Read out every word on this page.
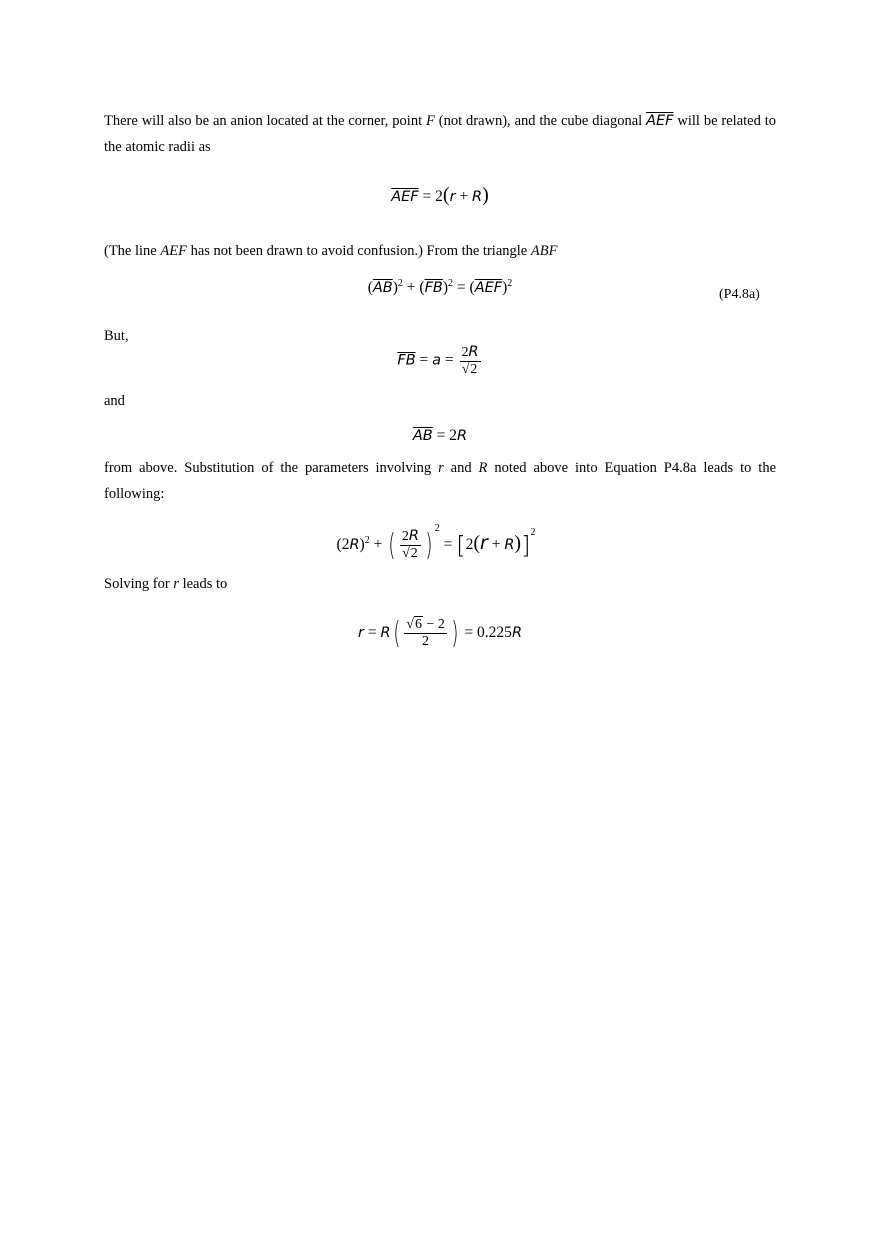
There will also be an anion located at the corner, point F (not drawn), and the cube diagonal $\overline{AEF}$ will be related to
the atomic radii as
$\overline{AEF} = 2(r + R)$
(The line AEF has not been drawn to avoid confusion.) From the triangle ABF
$(\overline{AB})^2 + (\overline{FB})^2 = (\overline{AEF})^2$
(P4.8a)
But,
$\overline{FB} = a = \frac{2R}{√2}$
and
$\overline{AB} = 2R$
from above. Substitution of the parameters involving r and R noted above into Equation P4.8a leads to the
following:
$(2R)^2$ + ( $\frac{2R}{√2}$ ) $^2 = [2(r + R)]^2$
Solving for r leads to
$r = R( \frac{√6 - 2}{2}$ ) = 0.225R
